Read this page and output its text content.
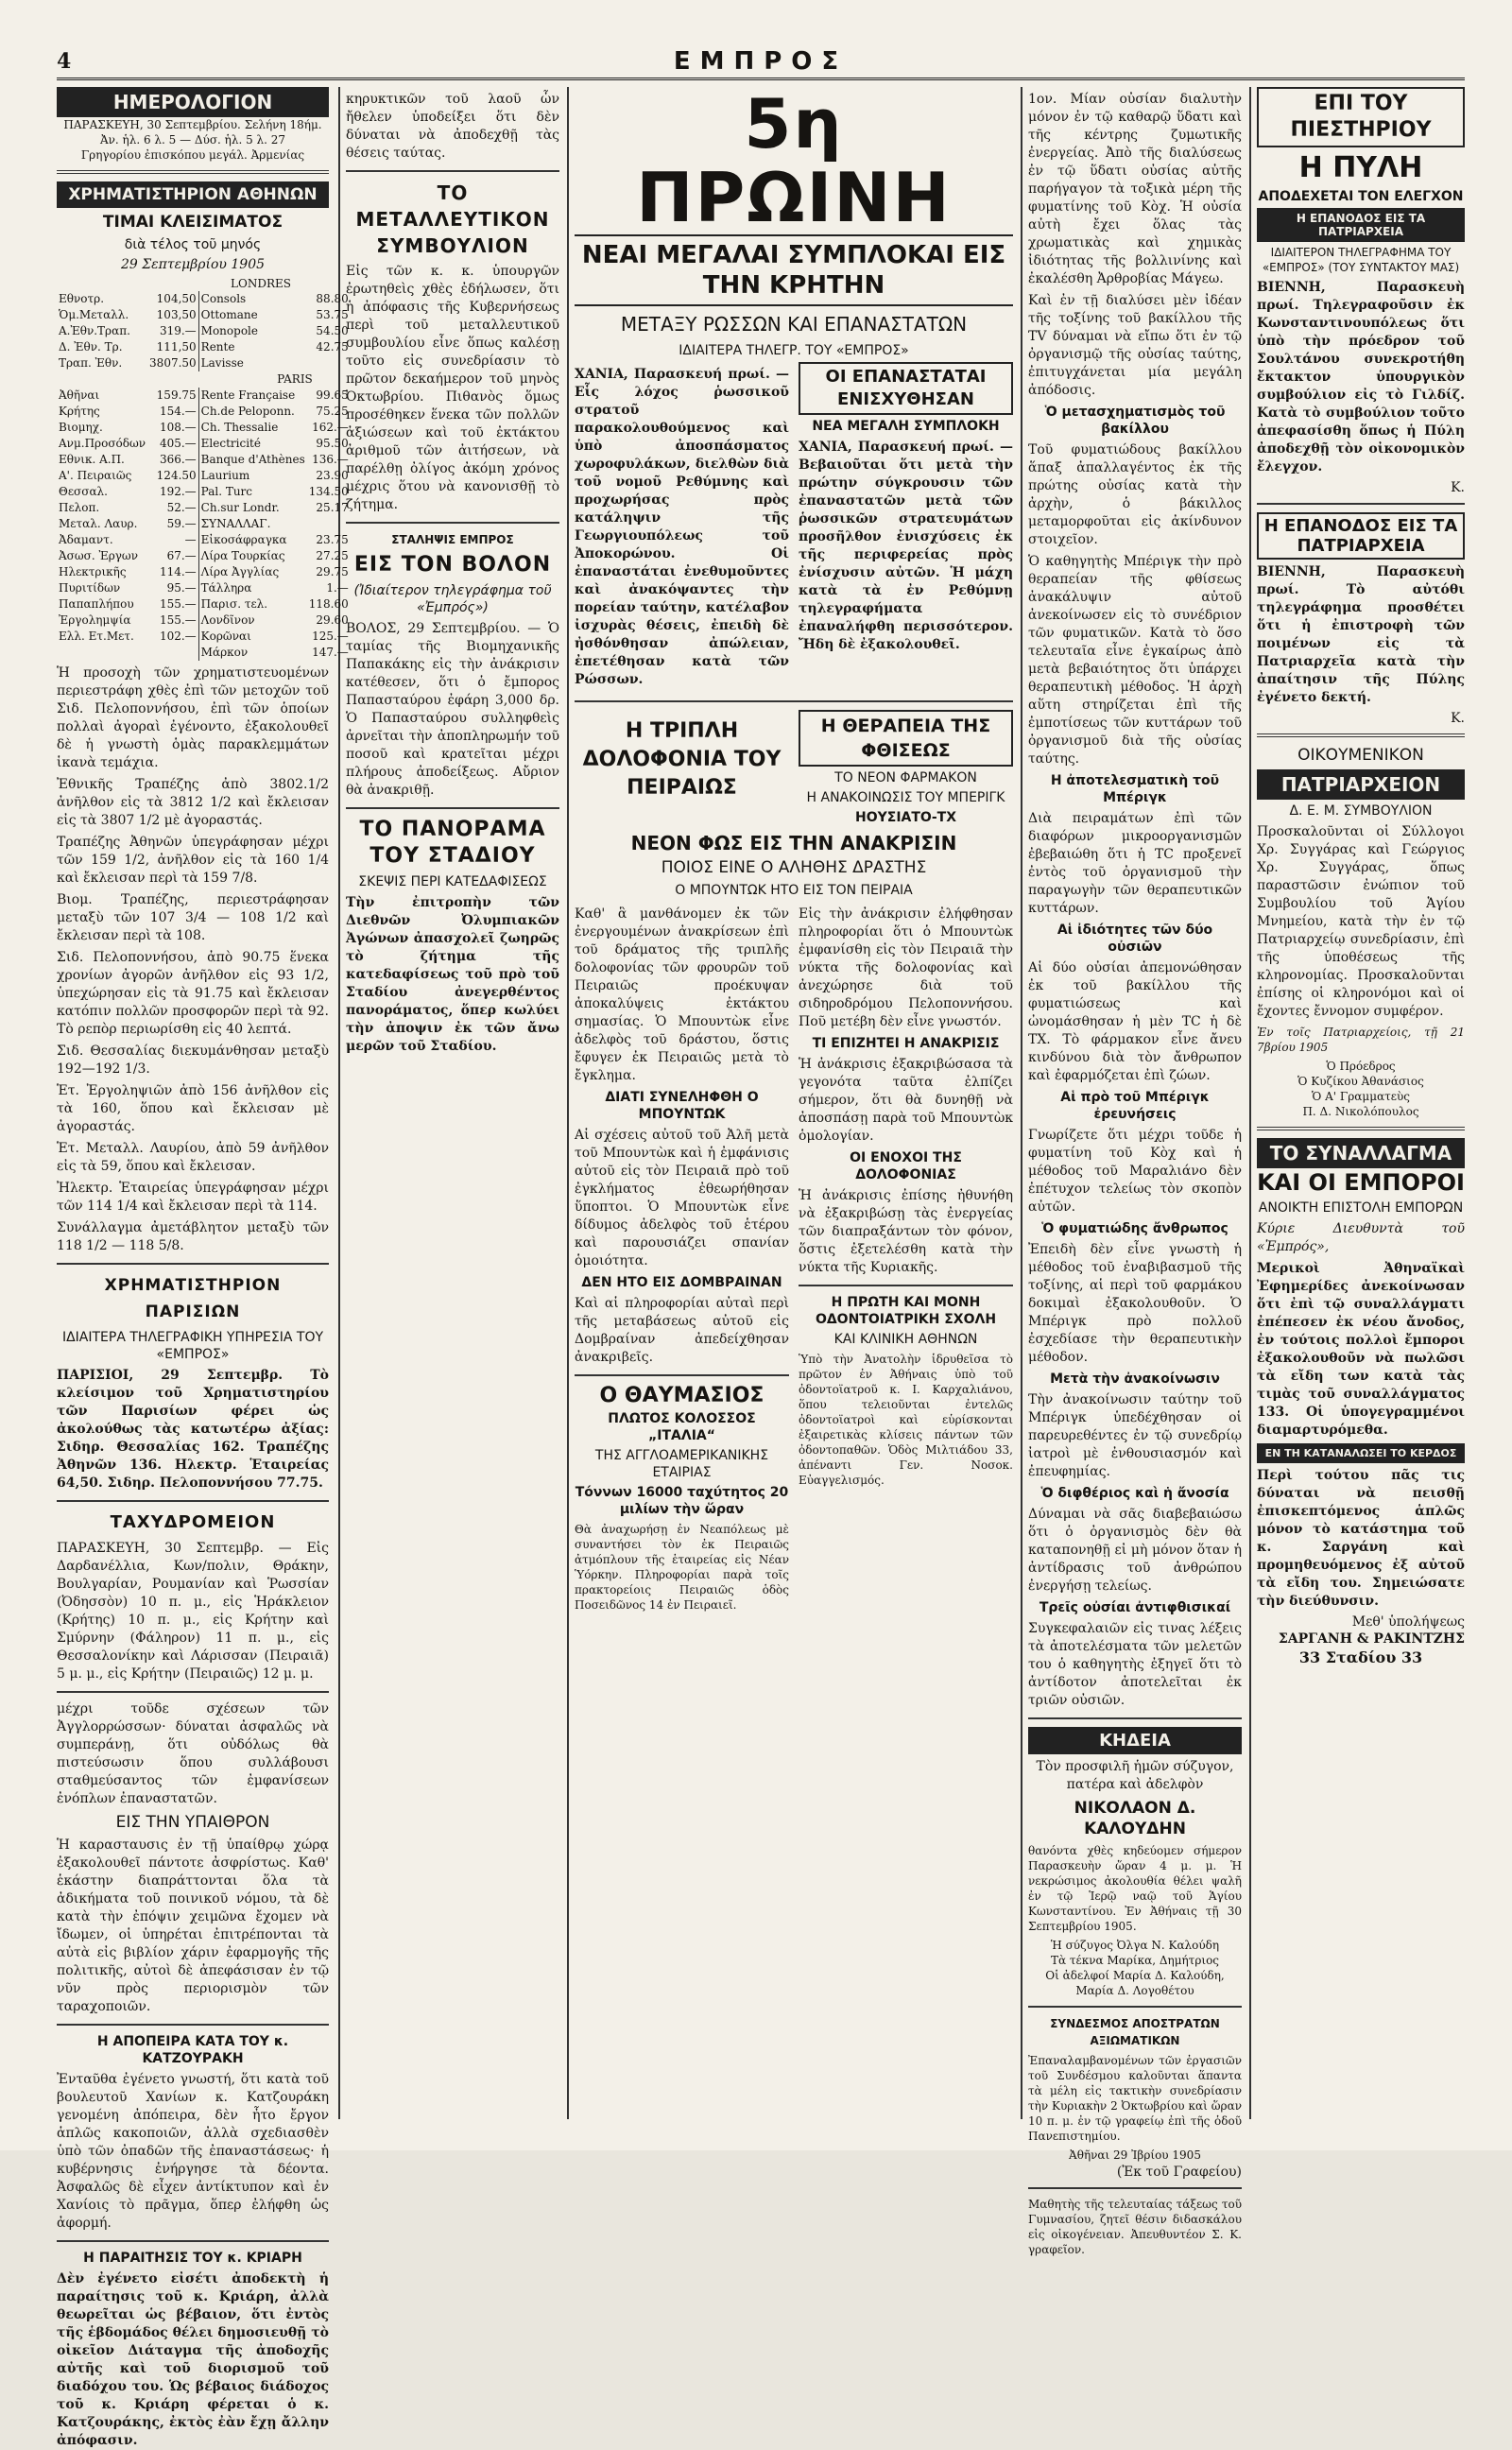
4	ΕΜΠΡΟΣ
ΗΜΕΡΟΛΟΓΙΟΝ
ΠΑΡΑΣΚΕΥΗ, 30 Σεπτεμβρίου. Σελήνη 18ήμ.
Ἀν. ἡλ. 6 λ. 5 — Δύσ. ἡλ. 5 λ. 27
Γρηγορίου ἐπισκόπου μεγάλ. Ἀρμενίας
ΧΡΗΜΑΤΙΣΤΗΡΙΟΝ ΑΘΗΝΩΝ
ΤΙΜΑΙ ΚΛΕΙΣΙΜΑΤΟΣ
διὰ τέλος τοῦ μηνός
29 Σεπτεμβρίου 1905
LONDRES
Εθνοτρ.	104,50	Consols	88.80
Ὁμ.Μεταλλ.	103,50	Ottomane	53.75
Α.Ἐθν.Τραπ.	319.—	Monopole	54.50
Δ. Ἐθν. Τρ.	111,50	Rente	42.75
Τραπ. Ἐθν.	3807.50	Lavisse	
PARIS			
Ἀθῆναι	159.75	Rente Française	99.65
Κρήτης	154.—	Ch.de Peloponn.	75.25
Βιομηχ.	108.—	Ch. Thessalie	162.—
Ανμ.Προσόδων	405.—	Electricité	95.50
Εθνικ. Α.Π.	366.—	Banque d'Athènes	136.—
Α'. Πειραιῶς	124.50	Laurium	23.90
Θεσσαλ.	192.—	Pal. Turc	134.50
Πελοπ.	52.—	Ch.sur Londr.	25.17
Μεταλ. Λαυρ.	59.—	ΣΥΝΑΛΛΑΓ.	
Ἀδαμαντ.	—	Εἰκοσάφραγκα	23.75
Ἀσωσ. Ἐργων	67.—	Λίρα Τουρκίας	27.25
Ηλεκτρικῆς	114.—	Λίρα Ἀγγλίας	29.75
Πυριτίδων	95.—	Τάλληρα	1.—
Παπαπλήπου	155.—	Παρισ. τελ.	118.60
Ἐργολημψία	155.—	Λονδῖνον	29.60
Ελλ. Ετ.Μετ.	102.—	Κορῶναι	125.—
		Μάρκον	147.—
Ἡ προσοχὴ τῶν χρηματιστευομένων περιεστράφη χθὲς ἐπὶ τῶν μετοχῶν τοῦ Σιδ. Πελοποννήσου, ἐπὶ τῶν ὁποίων πολλαὶ ἀγοραὶ ἐγένοντο, ἐξακολουθεῖ δὲ ἡ γνωστὴ ὁμὰς παρακλεμμάτων ἱκανὰ τεμάχια.
Ἐθνικῆς Τραπέζης ἀπὸ 3802.1/2 ἀνῆλθον εἰς τὰ 3812 1/2 καὶ ἔκλεισαν εἰς τὰ 3807 1/2 μὲ ἀγοραστάς.
Τραπέζης Ἀθηνῶν ὑπεγράφησαν μέχρι τῶν 159 1/2, ἀνῆλθον εἰς τὰ 160 1/4 καὶ ἔκλεισαν περὶ τὰ 159 7/8.
Βιομ. Τραπέζης, περιεστράφησαν μεταξὺ τῶν 107 3/4 — 108 1/2 καὶ ἔκλεισαν περὶ τὰ 108.
Σιδ. Πελοποννήσου, ἀπὸ 90.75 ἕνεκα χρονίων ἀγορῶν ἀνῆλθον εἰς 93 1/2, ὑπεχώρησαν εἰς τὰ 91.75 καὶ ἔκλεισαν κατόπιν πολλῶν προσφορῶν περὶ τὰ 92. Τὸ ρεπὸρ περιωρίσθη εἰς 40 λεπτά.
Σιδ. Θεσσαλίας διεκυμάνθησαν μεταξὺ 192—192 1/3.
Ἑτ. Ἐργοληψιῶν ἀπὸ 156 ἀνῆλθον εἰς τὰ 160, ὅπου καὶ ἔκλεισαν μὲ ἀγοραστάς.
Ἑτ. Μεταλλ. Λαυρίου, ἀπὸ 59 ἀνῆλθον εἰς τὰ 59, ὅπου καὶ ἔκλεισαν.
Ἠλεκτρ. Ἑταιρείας ὑπεγράφησαν μέχρι τῶν 114 1/4 καὶ ἔκλεισαν περὶ τὰ 114.
Συνάλλαγμα ἀμετάβλητον μεταξὺ τῶν 118 1/2 — 118 5/8.
ΧΡΗΜΑΤΙΣΤΗΡΙΟΝ ΠΑΡΙΣΙΩΝ
ΙΔΙΑΙΤΕΡΑ ΤΗΛΕΓΡΑΦΙΚΗ ΥΠΗΡΕΣΙΑ ΤΟΥ «ΕΜΠΡΟΣ»
ΠΑΡΙΣΙΟΙ, 29 Σεπτεμβρ. Τὸ κλείσιμον τοῦ Χρηματιστηρίου τῶν Παρισίων φέρει ὡς ἀκολούθως τὰς κατωτέρω ἀξίας: Σιδηρ. Θεσσαλίας 162. Τραπέζης Ἀθηνῶν 136. Ηλεκτρ. Ἑταιρείας 64,50. Σιδηρ. Πελοποννήσου 77.75.
ΤΑΧΥΔΡΟΜΕΙΟΝ
ΠΑΡΑΣΚΕΥΗ, 30 Σεπτεμβρ. — Εἰς Δαρδανέλλια, Κων/πολιν, Θράκην, Βουλγαρίαν, Ρουμανίαν καὶ Ῥωσσίαν (Ὀδησσὸν) 10 π. μ., εἰς Ἡράκλειον (Κρήτης) 10 π. μ., εἰς Κρήτην καὶ Σμύρνην (Φάληρον) 11 π. μ., εἰς Θεσσαλονίκην καὶ Λάρισσαν (Πειραιᾶ) 5 μ. μ., εἰς Κρήτην (Πειραιῶς) 12 μ. μ.
μέχρι τοῦδε σχέσεων τῶν Ἀγγλορρώσσων· δύναται ἀσφαλῶς νὰ συμπεράνῃ, ὅτι οὐδόλως θὰ πιστεύσωσιν ὅπου συλλάβουσι σταθμεύσαντος τῶν ἐμφανίσεων ἐνόπλων ἐπαναστατῶν.
ΕΙΣ ΤΗΝ ΥΠΑΙΘΡΟΝ
Ἡ καρασταυσις ἐν τῇ ὑπαίθρῳ χώρᾳ ἐξακολουθεῖ πάντοτε ἀσφρίστως. Καθ' ἑκάστην διαπράττονται ὅλα τὰ ἀδικήματα τοῦ ποινικοῦ νόμου, τὰ δὲ κατὰ τὴν ἐπόψιν χειμῶνα ἔχομεν νὰ ἴδωμεν, οἱ ὑπηρέται ἐπιτρέπονται τὰ αὐτὰ εἰς βιβλίον χάριν ἐφαρμογῆς τῆς πολιτικῆς, αὐτοὶ δὲ ἀπεφάσισαν ἐν τῷ νῦν πρὸς περιορισμὸν τῶν ταραχοποιῶν.
Η ΑΠΟΠΕΙΡΑ ΚΑΤΑ ΤΟΥ κ. ΚΑΤΖΟΥΡΑΚΗ
Ἐνταῦθα ἐγένετο γνωστή, ὅτι κατὰ τοῦ βουλευτοῦ Χανίων κ. Κατζουράκη γενομένη ἀπόπειρα, δὲν ἦτο ἔργον ἁπλῶς κακοποιῶν, ἀλλὰ σχεδιασθὲν ὑπὸ τῶν ὀπαδῶν τῆς ἐπαναστάσεως· ἡ κυβέρνησις ἐνήργησε τὰ δέοντα. Ἀσφαλῶς δὲ εἶχεν ἀντίκτυπον καὶ ἐν Χανίοις τὸ πρᾶγμα, ὅπερ ἐλήφθη ὡς ἀφορμή.
Η ΠΑΡΑΙΤΗΣΙΣ ΤΟΥ κ. ΚΡΙΑΡΗ
Δὲν ἐγένετο εἰσέτι ἀποδεκτὴ ἡ παραίτησις τοῦ κ. Κριάρη, ἀλλὰ θεωρεῖται ὡς βέβαιον, ὅτι ἐντὸς τῆς ἑβδομάδος θέλει δημοσιευθῇ τὸ οἰκεῖον Διάταγμα τῆς ἀποδοχῆς αὐτῆς καὶ τοῦ διορισμοῦ τοῦ διαδόχου του. Ὡς βέβαιος διάδοχος τοῦ κ. Κριάρη φέρεται ὁ κ. Κατζουράκης, ἐκτὸς ἐὰν ἔχῃ ἄλλην ἀπόφασιν.
κηρυκτικῶν τοῦ λαοῦ ὧν ἤθελεν ὑποδείξει ὅτι δὲν δύναται νὰ ἀποδεχθῇ τὰς θέσεις ταύτας.
ΤΟ ΜΕΤΑΛΛΕΥΤΙΚΟΝ ΣΥΜΒΟΥΛΙΟΝ
Εἰς τῶν κ. κ. ὑπουργῶν ἐρωτηθεὶς χθὲς ἐδήλωσεν, ὅτι ἡ ἀπόφασις τῆς Κυβερνήσεως περὶ τοῦ μεταλλευτικοῦ συμβουλίου εἶνε ὅπως καλέσῃ τοῦτο εἰς συνεδρίασιν τὸ πρῶτον δεκαήμερον τοῦ μηνὸς Ὀκτωβρίου. Πιθανὸς ὅμως προσέθηκεν ἕνεκα τῶν πολλῶν ἀξιώσεων καὶ τοῦ ἐκτάκτου ἀριθμοῦ τῶν ἀιτήσεων, νὰ παρέλθῃ ὀλίγος ἀκόμη χρόνος μέχρις ὅτου νὰ κανονισθῇ τὸ ζήτημα.
ΣΤΑΛΗΨΙΣ ΕΜΠΡΟΣ
ΕΙΣ ΤΟΝ ΒΟΛΟΝ
(Ἰδιαίτερον τηλεγράφημα τοῦ «Ἐμπρός»)
ΒΟΛΟΣ, 29 Σεπτεμβρίου. — Ὁ ταμίας τῆς Βιομηχανικῆς Παπακάκης εἰς τὴν ἀνάκρισιν κατέθεσεν, ὅτι ὁ ἔμπορος Παπασταύρου ἐφάρη 3,000 δρ. Ὁ Παπασταύρου συλληφθεὶς ἀρνεῖται τὴν ἀποπληρωμήν τοῦ ποσοῦ καὶ κρατεῖται μέχρι πλήρους ἀποδείξεως. Αὔριον θὰ ἀνακριθῇ.
ΤΟ ΠΑΝΟΡΑΜΑ ΤΟΥ ΣΤΑΔΙΟΥ
ΣΚΕΨΙΣ ΠΕΡΙ ΚΑΤΕΔΑΦΙΣΕΩΣ
Τὴν ἐπιτροπὴν τῶν Διεθνῶν Ὀλυμπιακῶν Ἀγώνων ἀπασχολεῖ ζωηρῶς τὸ ζήτημα τῆς κατεδαφίσεως τοῦ πρὸ τοῦ Σταδίου ἀνεγερθέντος πανοράματος, ὅπερ κωλύει τὴν ἀποψιν ἐκ τῶν ἄνω μερῶν τοῦ Σταδίου.
5η ΠΡΩΙΝΗ
ΝΕΑΙ ΜΕΓΑΛΑΙ ΣΥΜΠΛΟΚΑΙ ΕΙΣ ΤΗΝ ΚΡΗΤΗΝ
ΜΕΤΑΞΥ ΡΩΣΣΩΝ ΚΑΙ ΕΠΑΝΑΣΤΑΤΩΝ
ΙΔΙΑΙΤΕΡΑ ΤΗΛΕΓΡ. ΤΟΥ «ΕΜΠΡΟΣ»
ΧΑΝΙΑ, Παρασκευή πρωί. — Εἷς λόχος ῥωσσικοῦ στρατοῦ παρακολουθούμενος καὶ ὑπὸ ἀποσπάσματος χωροφυλάκων, διελθὼν διὰ τοῦ νομοῦ Ρεθύμνης καὶ προχωρήσας πρὸς κατάληψιν τῆς Γεωργιουπόλεως τοῦ Ἀποκορώνου. Οἱ ἐπαναστάται ἐνεθυμοῦντες καὶ ἀνακόψαντες τὴν πορείαν ταύτην, κατέλαβον ἰσχυρὰς θέσεις, ἐπειδὴ δὲ ἠσθόνθησαν ἀπώλειαν, ἐπετέθησαν κατὰ τῶν Ρώσσων.
ΟΙ ΕΠΑΝΑΣΤΑΤΑΙ ΕΝΙΣΧΥΘΗΣΑΝ
ΝΕΑ ΜΕΓΑΛΗ ΣΥΜΠΛΟΚΗ
ΧΑΝΙΑ, Παρασκευή πρωί. — Βεβαιοῦται ὅτι μετὰ τὴν πρώτην σύγκρουσιν τῶν ἐπαναστατῶν μετὰ τῶν ῥωσσικῶν στρατευμάτων προσῆλθον ἐνισχύσεις ἐκ τῆς περιφερείας πρὸς ἐνίσχυσιν αὐτῶν. Ἡ μάχη κατὰ τὰ ἐν Ρεθύμνῃ τηλεγραφήματα ἐπαναλήφθη περισσότερον. Ἤδη δὲ ἐξακολουθεῖ.
Η ΤΡΙΠΛΗ ΔΟΛΟΦΟΝΙΑ ΤΟΥ ΠΕΙΡΑΙΩΣ
Η ΘΕΡΑΠΕΙΑ ΤΗΣ ΦΘΙΣΕΩΣ
ΤΟ ΝΕΟΝ ΦΑΡΜΑΚΟΝ
Η ΑΝΑΚΟΙΝΩΣΙΣ ΤΟΥ ΜΠΕΡΙΓΚ
ΗΟΥΣΙΑΤΟ-ΤΧ
ΝΕΟΝ ΦΩΣ ΕΙΣ ΤΗΝ ΑΝΑΚΡΙΣΙΝ
ΠΟΙΟΣ ΕΙΝΕ Ο ΑΛΗΘΗΣ ΔΡΑΣΤΗΣ
Ο ΜΠΟΥΝΤΩΚ ΗΤΟ ΕΙΣ ΤΟΝ ΠΕΙΡΑΙΑ
Καθ' ἃ μανθάνομεν ἐκ τῶν ἐνεργουμένων ἀνακρίσεων ἐπὶ τοῦ δράματος τῆς τριπλῆς δολοφονίας τῶν φρουρῶν τοῦ Πειραιῶς προέκυψαν ἀποκαλύψεις ἐκτάκτου σημασίας. Ὁ Μπουντὼκ εἶνε ἀδελφὸς τοῦ δράστου, ὅστις ἔφυγεν ἐκ Πειραιῶς μετὰ τὸ ἔγκλημα.
ΔΙΑΤΙ ΣΥΝΕΛΗΦΘΗ Ο ΜΠΟΥΝΤΩΚ
Αἱ σχέσεις αὐτοῦ τοῦ Ἀλῆ μετὰ τοῦ Μπουντὼκ καὶ ἡ ἐμφάνισις αὐτοῦ εἰς τὸν Πειραιᾶ πρὸ τοῦ ἐγκλήματος ἐθεωρήθησαν ὕποπτοι. Ὁ Μπουντὼκ εἶνε δίδυμος ἀδελφὸς τοῦ ἑτέρου καὶ παρουσιάζει σπανίαν ὁμοιότητα.
ΔΕΝ ΗΤΟ ΕΙΣ ΔΟΜΒΡΑΙΝΑΝ
Καὶ αἱ πληροφορίαι αὐταὶ περὶ τῆς μεταβάσεως αὐτοῦ εἰς Δομβραίναν ἀπεδείχθησαν ἀνακριβεῖς.
Ο ΘΑΥΜΑΣΙΟΣ
ΠΛΩΤΟΣ ΚΟΛΟΣΣΟΣ „ΙΤΑΛΙΑ“
ΤΗΣ ΑΓΓΛΟΑΜΕΡΙΚΑΝΙΚΗΣ ΕΤΑΙΡΙΑΣ
Τόννων 16000 ταχύτητος 20 μιλίων τὴν ὥραν
Θὰ ἀναχωρήσῃ ἐν Νεαπόλεως μὲ συναντήσει τὸν ἐκ Πειραιῶς ἀτμόπλουν τῆς ἑταιρείας εἰς Νέαν Ὑόρκην. Πληροφορίαι παρὰ τοῖς πρακτορείοις Πειραιῶς ὁδὸς Ποσειδῶνος 14 ἐν Πειραιεῖ.
Εἰς τὴν ἀνάκρισιν ἐλήφθησαν πληροφορίαι ὅτι ὁ Μπουντὼκ ἐμφανίσθη εἰς τὸν Πειραιᾶ τὴν νύκτα τῆς δολοφονίας καὶ ἀνεχώρησε διὰ τοῦ σιδηροδρόμου Πελοποννήσου. Ποῦ μετέβη δὲν εἶνε γνωστόν.
ΤΙ ΕΠΙΖΗΤΕΙ Η ΑΝΑΚΡΙΣΙΣ
Ἡ ἀνάκρισις ἐξακριβώσασα τὰ γεγονότα ταῦτα ἐλπίζει σήμερον, ὅτι θὰ δυνηθῇ νὰ ἀποσπάσῃ παρὰ τοῦ Μπουντὼκ ὁμολογίαν.
ΟΙ ΕΝΟΧΟΙ ΤΗΣ ΔΟΛΟΦΟΝΙΑΣ
Ἡ ἀνάκρισις ἐπίσης ἠθυνήθη νὰ ἐξακριβώσῃ τὰς ἐνεργείας τῶν διαπραξάντων τὸν φόνον, ὅστις ἐξετελέσθη κατὰ τὴν νύκτα τῆς Κυριακῆς.
Η ΠΡΩΤΗ ΚΑΙ ΜΟΝΗ ΟΔΟΝΤΟΙΑΤΡΙΚΗ ΣΧΟΛΗ
ΚΑΙ ΚΛΙΝΙΚΗ ΑΘΗΝΩΝ
Ὑπὸ τὴν Ἀνατολὴν ἱδρυθεῖσα τὸ πρῶτον ἐν Ἀθήναις ὑπὸ τοῦ ὀδοντοϊατροῦ κ. Ι. Καρχαλιάνου, ὅπου τελειοῦνται ἐντελῶς ὀδοντοϊατροὶ καὶ εὑρίσκονται ἐξαιρετικὰς κλίσεις πάντων τῶν ὀδοντοπαθῶν. Ὁδὸς Μιλτιάδου 33, ἀπέναντι Γεν. Νοσοκ. Εὐαγγελισμός.
1ον. Μίαν οὐσίαν διαλυτὴν μόνον ἐν τῷ καθαρῷ ὕδατι καὶ τῆς κέντρης ζυμωτικῆς ἐνεργείας. Ἀπὸ τῆς διαλύσεως ἐν τῷ ὕδατι οὐσίας αὐτῆς παρήγαγον τὰ τοξικὰ μέρη τῆς φυματίνης τοῦ Κὸχ. Ἡ οὐσία αὐτὴ ἔχει ὅλας τὰς χρωματικὰς καὶ χημικὰς ἰδιότητας τῆς βολλινίνης καὶ ἐκαλέσθη Ἀρθροβίας Μάγεω.
Καὶ ἐν τῇ διαλύσει μὲν ἰδέαν τῆς τοξίνης τοῦ βακίλλου τῆς TV δύναμαι νὰ εἴπω ὅτι ἐν τῷ ὀργανισμῷ τῆς οὐσίας ταύτης, ἐπιτυγχάνεται μία μεγάλη ἀπόδοσις.
Ὁ μετασχηματισμὸς τοῦ βακίλλου
Τοῦ φυματιώδους βακίλλου ἅπαξ ἀπαλλαγέντος ἐκ τῆς πρώτης οὐσίας κατὰ τὴν ἀρχὴν, ὁ βάκιλλος μεταμορφοῦται εἰς ἀκίνδυνον στοιχεῖον.
Ὁ καθηγητὴς Μπέριγκ τὴν πρὸ θεραπείαν τῆς φθίσεως ἀνακάλυψιν αὐτοῦ ἀνεκοίνωσεν εἰς τὸ συνέδριον τῶν φυματικῶν. Κατὰ τὸ ὅσο τελευταῖα εἶνε ἐγκαίρως ἀπὸ μετὰ βεβαιότητος ὅτι ὑπάρχει θεραπευτικὴ μέθοδος. Ἡ ἀρχὴ αὕτη στηρίζεται ἐπὶ τῆς ἐμποτίσεως τῶν κυττάρων τοῦ ὀργανισμοῦ διὰ τῆς οὐσίας ταύτης.
Η ἀποτελεσματικὴ τοῦ Μπέριγκ
Διὰ πειραμάτων ἐπὶ τῶν διαφόρων μικροοργανισμῶν ἐβεβαιώθη ὅτι ἡ TC προξενεῖ ἐντὸς τοῦ ὀργανισμοῦ τὴν παραγωγὴν τῶν θεραπευτικῶν κυττάρων.
Αἱ ἰδιότητες τῶν δύο οὐσιῶν
Αἱ δύο οὐσίαι ἀπεμονώθησαν ἐκ τοῦ βακίλλου τῆς φυματιώσεως καὶ ὠνομάσθησαν ἡ μὲν TC ἡ δὲ TX. Τὸ φάρμακον εἶνε ἄνευ κινδύνου διὰ τὸν ἄνθρωπον καὶ ἐφαρμόζεται ἐπὶ ζώων.
Αἱ πρὸ τοῦ Μπέριγκ ἐρευνήσεις
Γνωρίζετε ὅτι μέχρι τοῦδε ἡ φυματίνη τοῦ Κὸχ καὶ ἡ μέθοδος τοῦ Μαραλιάνο δὲν ἐπέτυχον τελείως τὸν σκοπὸν αὐτῶν.
Ὁ φυματιώδης ἄνθρωπος
Ἐπειδὴ δὲν εἶνε γνωστὴ ἡ μέθοδος τοῦ ἐναβιβασμοῦ τῆς τοξίνης, αἱ περὶ τοῦ φαρμάκου δοκιμαὶ ἐξακολουθοῦν. Ὁ Μπέριγκ πρὸ πολλοῦ ἐσχεδίασε τὴν θεραπευτικὴν μέθοδον.
Μετὰ τὴν ἀνακοίνωσιν
Τὴν ἀνακοίνωσιν ταύτην τοῦ Μπέριγκ ὑπεδέχθησαν οἱ παρευρεθέντες ἐν τῷ συνεδρίῳ ἰατροὶ μὲ ἐνθουσιασμόν καὶ ἐπευφημίας.
Ὁ διφθέριος καὶ ἡ ἄνοσία
Δύναμαι νὰ σᾶς διαβεβαιώσω ὅτι ὁ ὀργανισμὸς δὲν θὰ καταπονηθῇ εἰ μὴ μόνον ὅταν ἡ ἀντίδρασις τοῦ ἀνθρώπου ἐνεργήσῃ τελείως.
Τρεῖς οὐσίαι ἀντιφθισικαί
Συγκεφαλαιῶν εἰς τινας λέξεις τὰ ἀποτελέσματα τῶν μελετῶν του ὁ καθηγητὴς ἐξηγεῖ ὅτι τὸ ἀντίδοτον ἀποτελεῖται ἐκ τριῶν οὐσιῶν.
ΚΗΔΕΙΑ
Τὸν προσφιλῆ ἡμῶν σύζυγον, πατέρα καὶ ἀδελφὸν
ΝΙΚΟΛΑΟΝ Δ. ΚΑΛΟΥΔΗΝ
θανόντα χθὲς κηδεύομεν σήμερον Παρασκευὴν ὥραν 4 μ. μ. Ἡ νεκρώσιμος ἀκολουθία θέλει ψαλῆ ἐν τῷ Ἱερῷ ναῷ τοῦ Ἁγίου Κωνσταντίνου. Ἐν Ἀθήναις τῇ 30 Σεπτεμβρίου 1905.
Ἡ σύζυγος Ὀλγα Ν. Καλούδη
Τὰ τέκνα Μαρίκα, Δημήτριος
Οἱ ἀδελφοί Μαρία Δ. Καλούδη, Μαρία Δ. Λογοθέτου
ΣΥΝΔΕΣΜΟΣ ΑΠΟΣΤΡΑΤΩΝ ΑΞΙΩΜΑΤΙΚΩΝ
Ἐπαναλαμβανομένων τῶν ἐργασιῶν τοῦ Συνδέσμου καλοῦνται ἅπαντα τὰ μέλη εἰς τακτικὴν συνεδρίασιν τὴν Κυριακὴν 2 Ὀκτωβρίου καὶ ὥραν 10 π. μ. ἐν τῷ γραφείῳ ἐπὶ τῆς ὁδοῦ Πανεπιστημίου.
Ἀθῆναι 29 Ἰβρίου 1905
(Ἐκ τοῦ Γραφείου)
Μαθητὴς τῆς τελευταίας τάξεως τοῦ Γυμνασίου, ζητεῖ θέσιν διδασκάλου εἰς οἰκογένειαν. Ἀπευθυντέον Σ. Κ. γραφεῖον.
ΕΠΙ ΤΟΥ ΠΙΕΣΤΗΡΙΟΥ
Η ΠΥΛΗ
ΑΠΟΔΕΧΕΤΑΙ ΤΟΝ ΕΛΕΓΧΟΝ
Η ΕΠΑΝΟΔΟΣ ΕΙΣ ΤΑ ΠΑΤΡΙΑΡΧΕΙΑ
ΙΔΙΑΙΤΕΡΟΝ ΤΗΛΕΓΡΑΦΗΜΑ ΤΟΥ «ΕΜΠΡΟΣ» (ΤΟΥ ΣΥΝΤΑΚΤΟΥ ΜΑΣ)
ΒΙΕΝΝΗ, Παρασκευὴ πρωί. Τηλεγραφοῦσιν ἐκ Κωνσταντινουπόλεως ὅτι ὑπὸ τὴν πρόεδρον τοῦ Σουλτάνου συνεκροτήθη ἔκτακτον ὑπουργικὸν συμβούλιον εἰς τὸ Γιλδίζ. Κατὰ τὸ συμβούλιον τοῦτο ἀπεφασίσθη ὅπως ἡ Πύλη ἀποδεχθῇ τὸν οἰκονομικὸν ἔλεγχον.
Κ.
Η ΕΠΑΝΟΔΟΣ ΕΙΣ ΤΑ ΠΑΤΡΙΑΡΧΕΙΑ
ΒΙΕΝΝΗ, Παρασκευὴ πρωί. Τὸ αὐτόθι τηλεγράφημα προσθέτει ὅτι ἡ ἐπιστροφὴ τῶν ποιμένων εἰς τὰ Πατριαρχεῖα κατὰ τὴν ἀπαίτησιν τῆς Πύλης ἐγένετο δεκτή.
Κ.
ΟΙΚΟΥΜΕΝΙΚΟΝ
ΠΑΤΡΙΑΡΧΕΙΟΝ
Δ. Ε. Μ. ΣΥΜΒΟΥΛΙΟΝ
Προσκαλοῦνται οἱ Σύλλογοι Χρ. Συγγάρας καὶ Γεώργιος Χρ. Συγγάρας, ὅπως παραστῶσιν ἐνώπιον τοῦ Συμβουλίου τοῦ Ἁγίου Μνημείου, κατὰ τὴν ἐν τῷ Πατριαρχείῳ συνεδρίασιν, ἐπὶ τῆς ὑποθέσεως τῆς κληρονομίας. Προσκαλοῦνται ἐπίσης οἱ κληρονόμοι καὶ οἱ ἔχοντες ἔννομον συμφέρον.
Ἐν τοῖς Πατριαρχείοις, τῇ 21 7βρίου 1905
Ὁ Πρόεδρος
Ὁ Κυζίκου Ἀθανάσιος
Ὁ Α' Γραμματεὺς
Π. Δ. Νικολόπουλος
ΤΟ ΣΥΝΑΛΛΑΓΜΑ
ΚΑΙ ΟΙ ΕΜΠΟΡΟΙ
ΑΝΟΙΚΤΗ ΕΠΙΣΤΟΛΗ ΕΜΠΟΡΩΝ
Κύριε Διευθυντὰ τοῦ «Ἐμπρός»,
Μερικοὶ Ἀθηναϊκαὶ Ἐφημερίδες ἀνεκοίνωσαν ὅτι ἐπὶ τῷ συναλλάγματι ἐπέπεσεν ἐκ νέου ἄνοδος, ἐν τούτοις πολλοὶ ἔμποροι ἐξακολουθοῦν νὰ πωλῶσι τὰ εἴδη των κατὰ τὰς τιμὰς τοῦ συναλλάγματος 133. Οἱ ὑπογεγραμμένοι διαμαρτυρόμεθα.
ΕΝ ΤΗ ΚΑΤΑΝΑΛΩΣΕΙ ΤΟ ΚΕΡΔΟΣ
Περὶ τούτου πᾶς τις δύναται νὰ πεισθῇ ἐπισκεπτόμενος ἁπλῶς μόνον τὸ κατάστημα τοῦ κ. Σαργάνη καὶ προμηθευόμενος ἐξ αὐτοῦ τὰ εἴδη του. Σημειώσατε τὴν διεύθυνσιν.
Μεθ' ὑπολήψεως
ΣΑΡΓΑΝΗ & ΡΑΚΙΝΤΖΗΣ
33 Σταδίου 33
